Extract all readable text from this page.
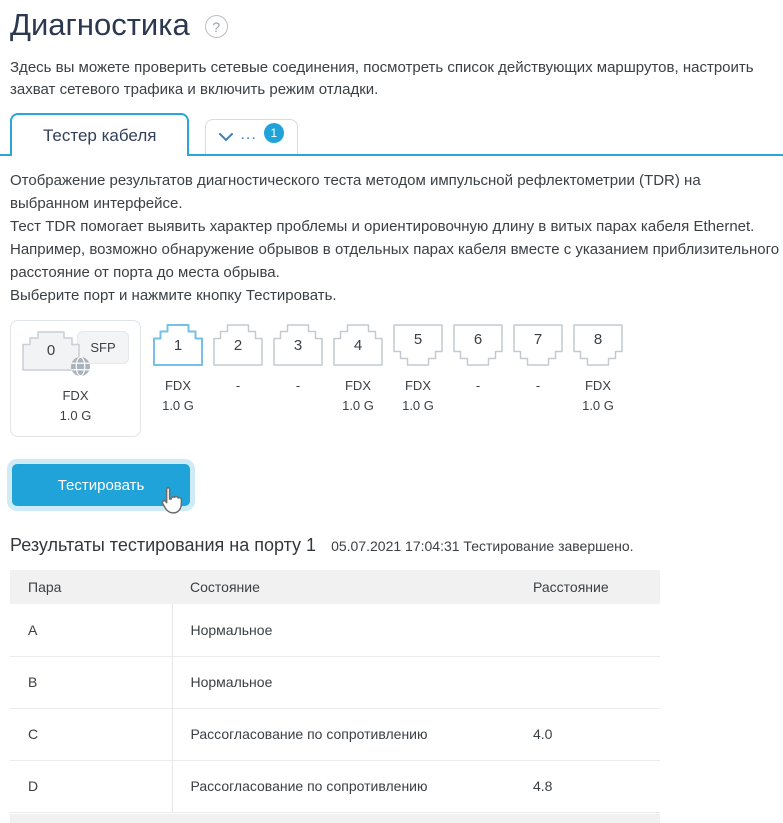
Диагностика	?
Здесь вы можете проверить сетевые соединения, посмотреть список действующих маршрутов, настроить захват сетевого трафика и включить режим отладки.
Тестер кабеля	...	1
Отображение результатов диагностического теста методом импульсной рефлектометрии (TDR) на выбранном интерфейсе.
Тест TDR помогает выявить характер проблемы и ориентировочную длину в витых парах кабеля Ethernet.
Например, возможно обнаружение обрывов в отдельных парах кабеля вместе с указанием приблизительного расстояние от порта до места обрыва.
Выберите порт и нажмите кнопку Тестировать.
0	SFP
FDX
1.0 G
1
FDX
1.0 G
2
-
3
-
4
FDX
1.0 G
5
FDX
1.0 G
6
-
7
-
8
FDX
1.0 G
Тестировать
Результаты тестирования на порту 1 05.07.2021 17:04:31 Тестирование завершено.
Пара	Состояние	Расстояние
A	Нормальное	
B	Нормальное	
C	Рассогласование по сопротивлению	4.0
D	Рассогласование по сопротивлению	4.8
